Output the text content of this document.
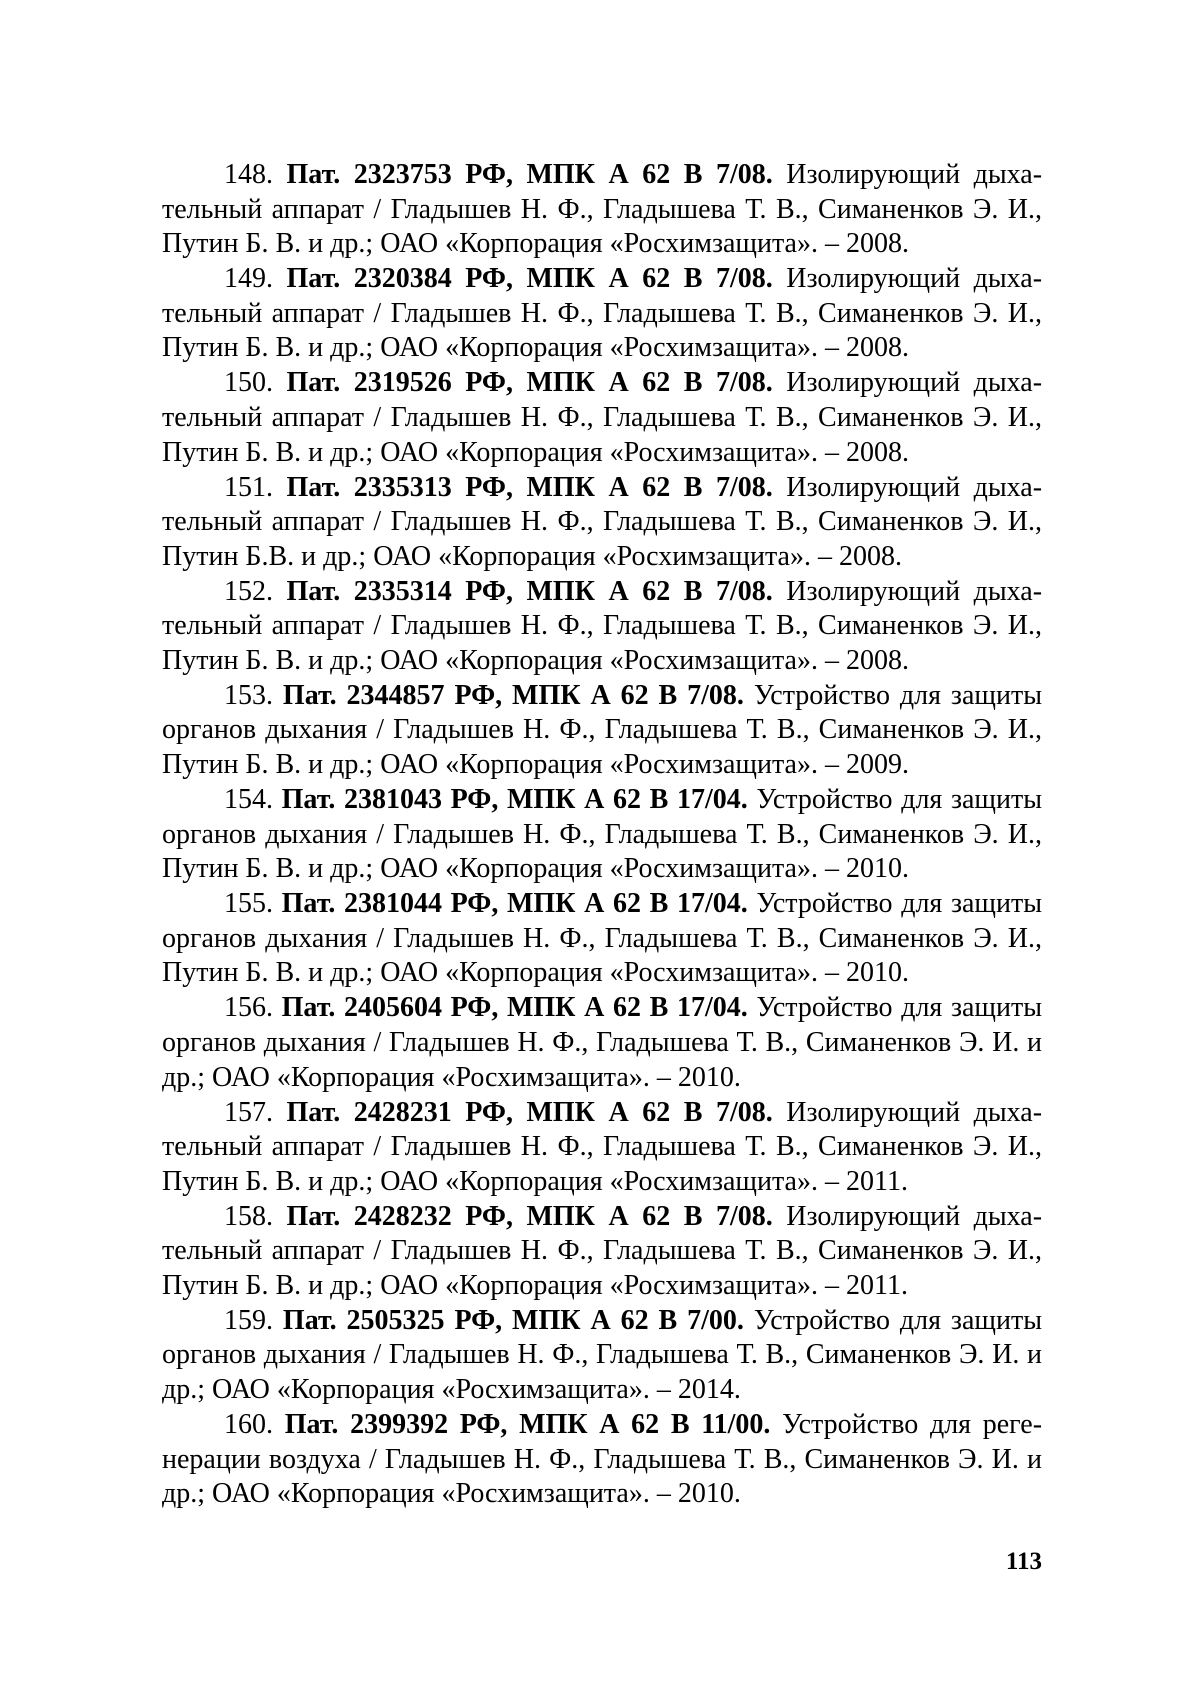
148. Пат. 2323753 РФ, МПК А 62 В 7/08. Изолирующий дыхательный аппарат / Гладышев Н. Ф., Гладышева Т. В., Симаненков Э. И., Путин Б. В. и др.; ОАО «Корпорация «Росхимзащита». – 2008.

149. Пат. 2320384 РФ, МПК А 62 В 7/08. Изолирующий дыхательный аппарат / Гладышев Н. Ф., Гладышева Т. В., Симаненков Э. И., Путин Б. В. и др.; ОАО «Корпорация «Росхимзащита». – 2008.

150. Пат. 2319526 РФ, МПК А 62 В 7/08. Изолирующий дыхательный аппарат / Гладышев Н. Ф., Гладышева Т. В., Симаненков Э. И., Путин Б. В. и др.; ОАО «Корпорация «Росхимзащита». – 2008.

151. Пат. 2335313 РФ, МПК А 62 В 7/08. Изолирующий дыхательный аппарат / Гладышев Н. Ф., Гладышева Т. В., Симаненков Э. И., Путин Б.В. и др.; ОАО «Корпорация «Росхимзащита». – 2008.

152. Пат. 2335314 РФ, МПК А 62 В 7/08. Изолирующий дыхательный аппарат / Гладышев Н. Ф., Гладышева Т. В., Симаненков Э. И., Путин Б. В. и др.; ОАО «Корпорация «Росхимзащита». – 2008.

153. Пат. 2344857 РФ, МПК А 62 В 7/08. Устройство для защиты органов дыхания / Гладышев Н. Ф., Гладышева Т. В., Симаненков Э. И., Путин Б. В. и др.; ОАО «Корпорация «Росхимзащита». – 2009.

154. Пат. 2381043 РФ, МПК А 62 В 17/04. Устройство для защиты органов дыхания / Гладышев Н. Ф., Гладышева Т. В., Симаненков Э. И., Путин Б. В. и др.; ОАО «Корпорация «Росхимзащита». – 2010.

155. Пат. 2381044 РФ, МПК А 62 В 17/04. Устройство для защиты органов дыхания / Гладышев Н. Ф., Гладышева Т. В., Симаненков Э. И., Путин Б. В. и др.; ОАО «Корпорация «Росхимзащита». – 2010.

156. Пат. 2405604 РФ, МПК А 62 В 17/04. Устройство для защиты органов дыхания / Гладышев Н. Ф., Гладышева Т. В., Симаненков Э. И. и др.; ОАО «Корпорация «Росхимзащита». – 2010.

157. Пат. 2428231 РФ, МПК А 62 В 7/08. Изолирующий дыхательный аппарат / Гладышев Н. Ф., Гладышева Т. В., Симаненков Э. И., Путин Б. В. и др.; ОАО «Корпорация «Росхимзащита». – 2011.

158. Пат. 2428232 РФ, МПК А 62 В 7/08. Изолирующий дыхательный аппарат / Гладышев Н. Ф., Гладышева Т. В., Симаненков Э. И., Путин Б. В. и др.; ОАО «Корпорация «Росхимзащита». – 2011.

159. Пат. 2505325 РФ, МПК А 62 В 7/00. Устройство для защиты органов дыхания / Гладышев Н. Ф., Гладышева Т. В., Симаненков Э. И. и др.; ОАО «Корпорация «Росхимзащита». – 2014.

160. Пат. 2399392 РФ, МПК А 62 В 11/00. Устройство для регенерации воздуха / Гладышев Н. Ф., Гладышева Т. В., Симаненков Э. И. и др.; ОАО «Корпорация «Росхимзащита». – 2010.

113
